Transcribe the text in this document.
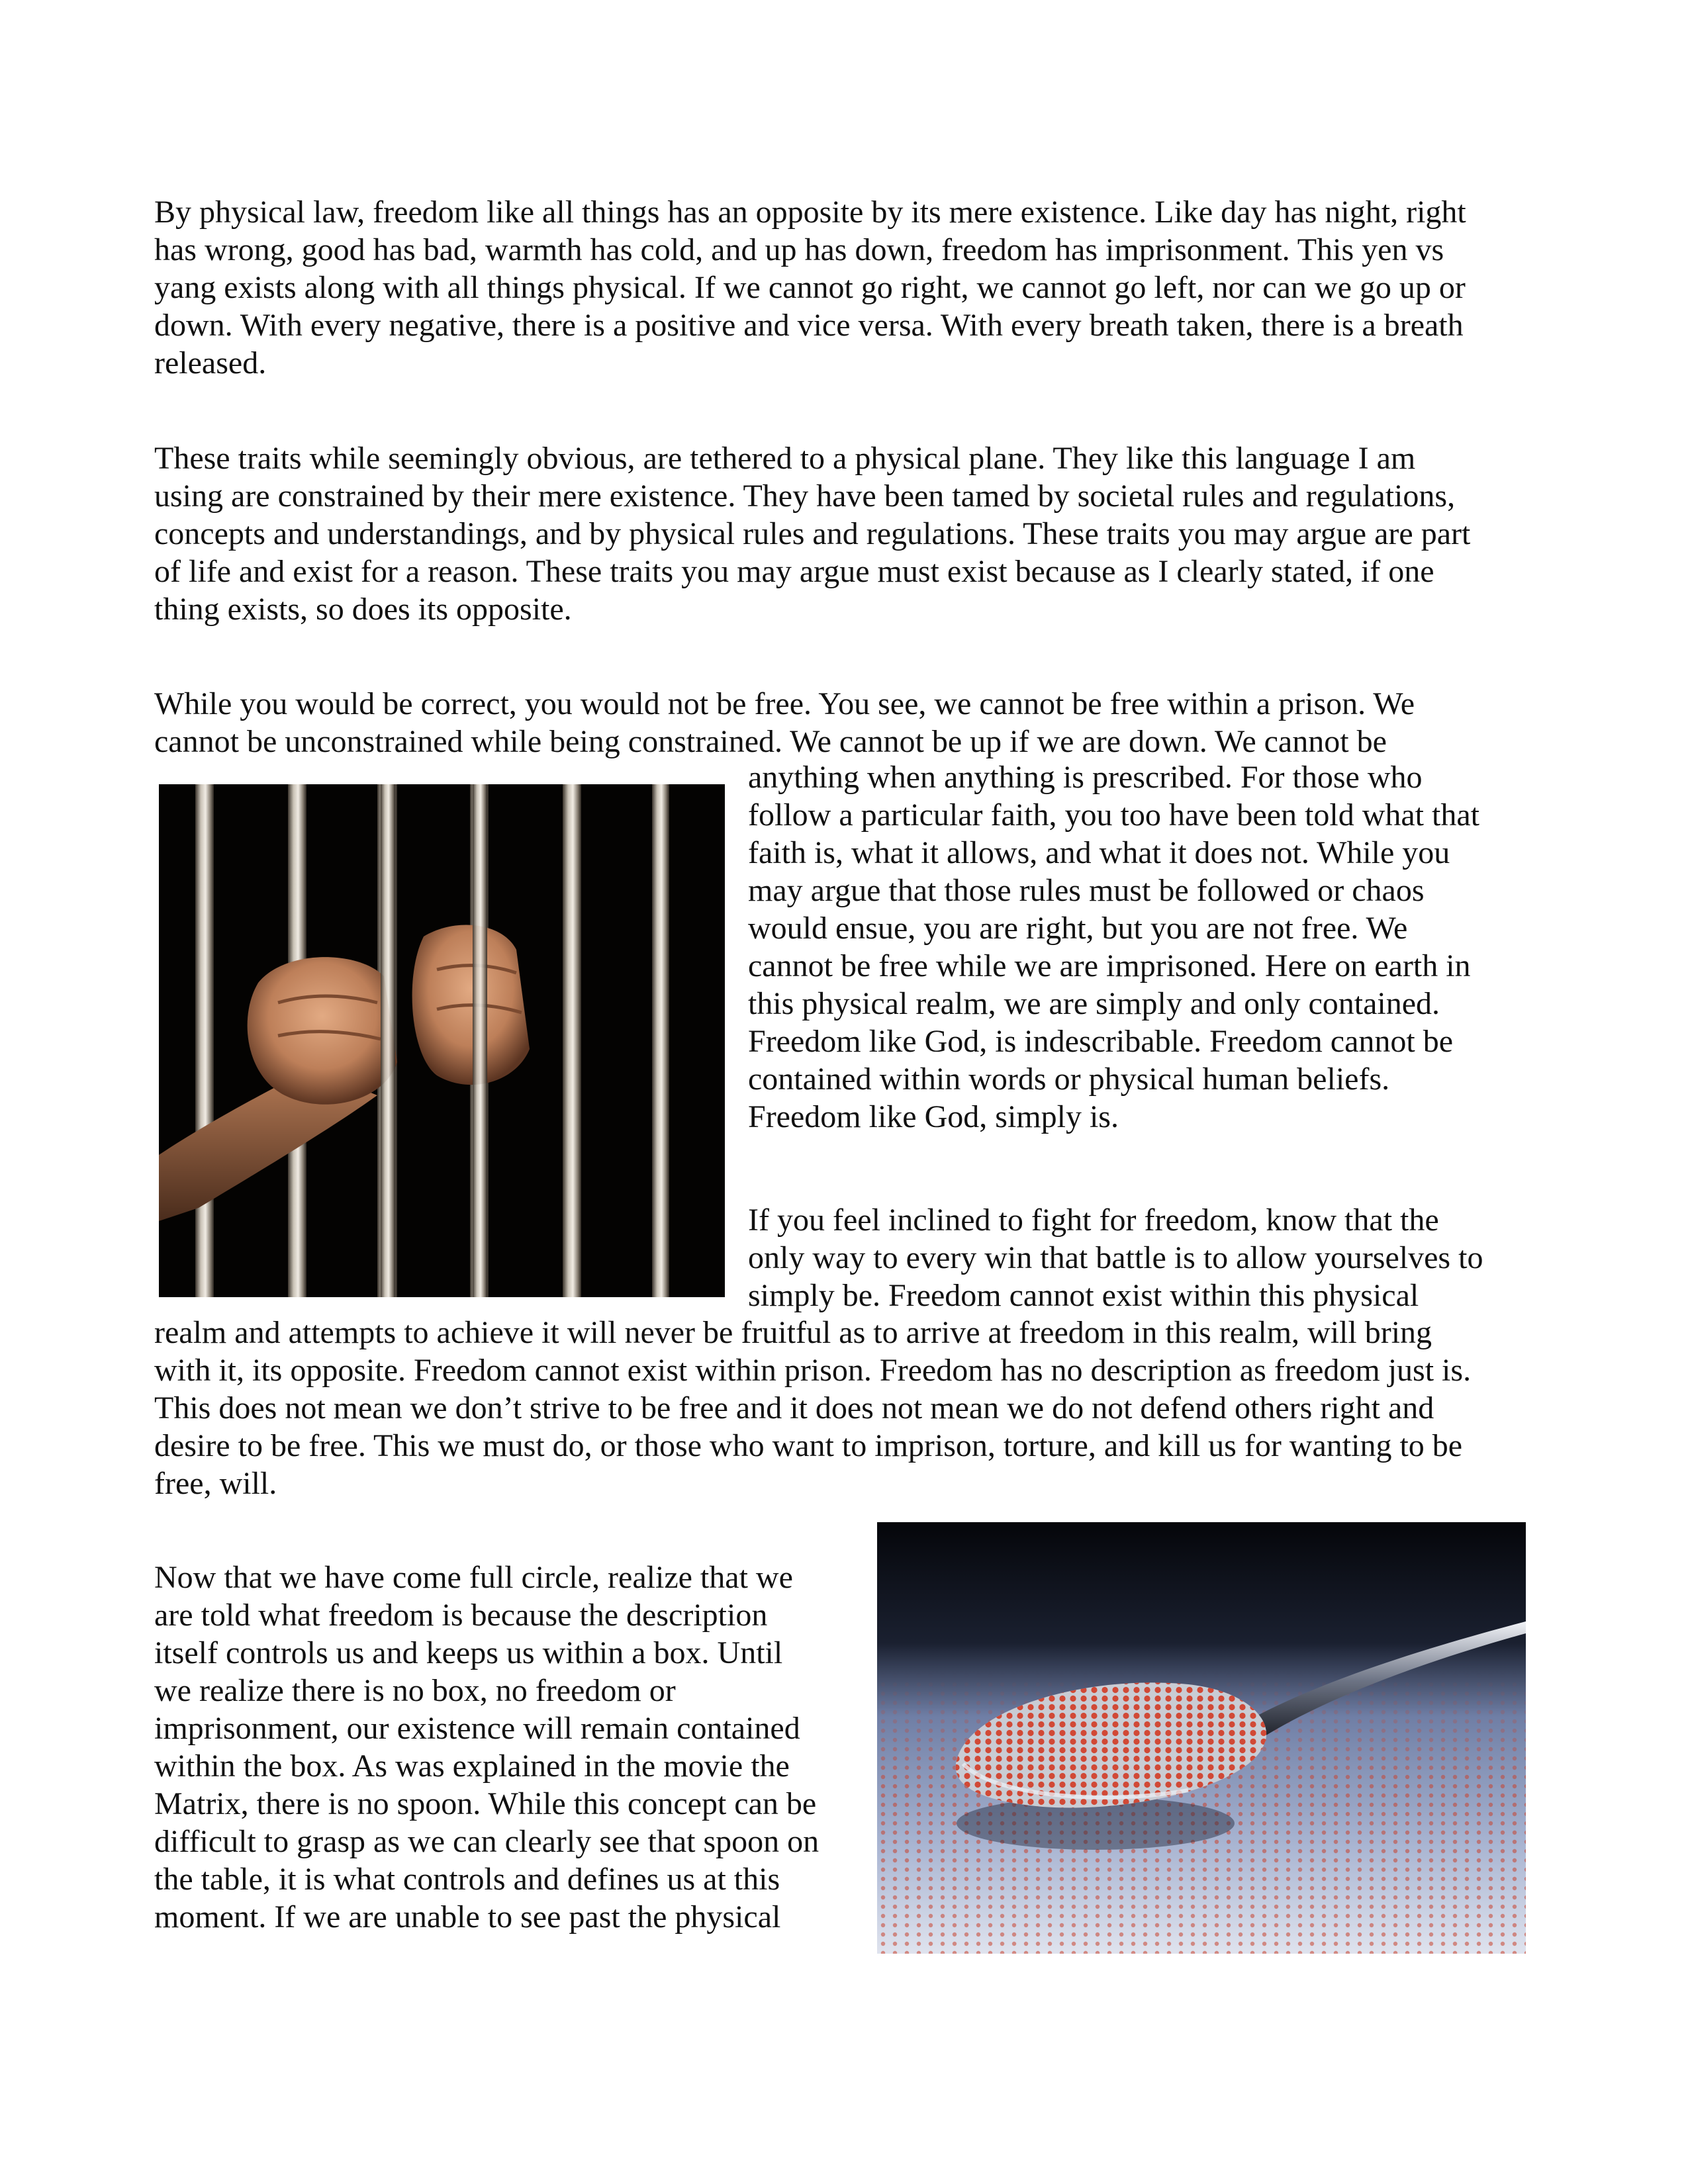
By physical law, freedom like all things has an opposite by its mere existence. Like day has night, right
has wrong, good has bad, warmth has cold, and up has down, freedom has imprisonment. This yen vs
yang exists along with all things physical. If we cannot go right, we cannot go left, nor can we go up or
down. With every negative, there is a positive and vice versa. With every breath taken, there is a breath
released.

These traits while seemingly obvious, are tethered to a physical plane. They like this language I am
using are constrained by their mere existence. They have been tamed by societal rules and regulations,
concepts and understandings, and by physical rules and regulations. These traits you may argue are part
of life and exist for a reason. These traits you may argue must exist because as I clearly stated, if one
thing exists, so does its opposite.

While you would be correct, you would not be free. You see, we cannot be free within a prison. We
cannot be unconstrained while being constrained. We cannot be up if we are down. We cannot be

anything when anything is prescribed. For those who
follow a particular faith, you too have been told what that
faith is, what it allows, and what it does not. While you
may argue that those rules must be followed or chaos
would ensue, you are right, but you are not free. We
cannot be free while we are imprisoned. Here on earth in
this physical realm, we are simply and only contained.
Freedom like God, is indescribable. Freedom cannot be
contained within words or physical human beliefs.
Freedom like God, simply is.

If you feel inclined to fight for freedom, know that the
only way to every win that battle is to allow yourselves to
simply be. Freedom cannot exist within this physical

realm and attempts to achieve it will never be fruitful as to arrive at freedom in this realm, will bring
with it, its opposite. Freedom cannot exist within prison. Freedom has no description as freedom just is.
This does not mean we don’t strive to be free and it does not mean we do not defend others right and
desire to be free. This we must do, or those who want to imprison, torture, and kill us for wanting to be
free, will.

Now that we have come full circle, realize that we
are told what freedom is because the description
itself controls us and keeps us within a box. Until
we realize there is no box, no freedom or
imprisonment, our existence will remain contained
within the box. As was explained in the movie the
Matrix, there is no spoon. While this concept can be
difficult to grasp as we can clearly see that spoon on
the table, it is what controls and defines us at this
moment. If we are unable to see past the physical
